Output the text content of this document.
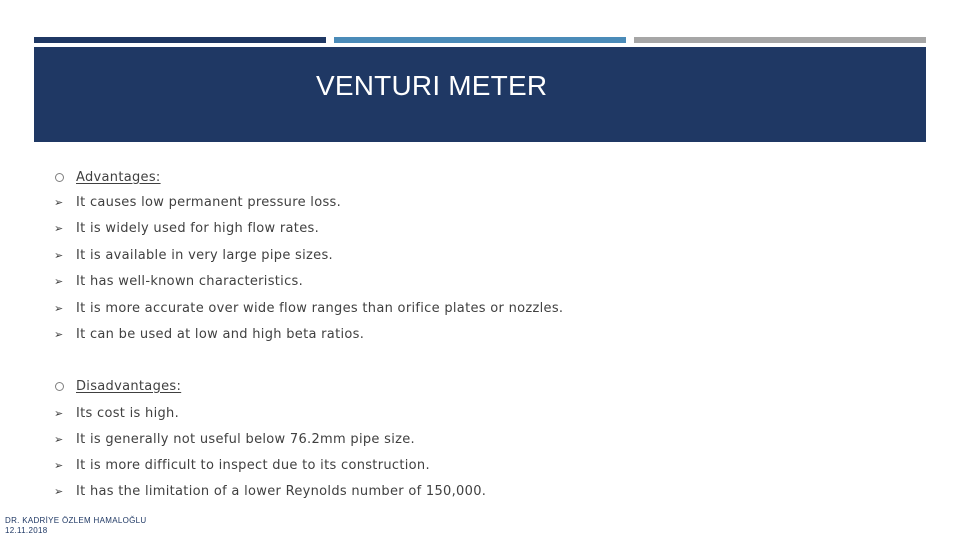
VENTURI METER
Advantages:
➢ It causes low permanent pressure loss.
➢ It is widely used for high flow rates.
➢ It is available in very large pipe sizes.
➢ It has well-known characteristics.
➢ It is more accurate over wide flow ranges than orifice plates or nozzles.
➢ It can be used at low and high beta ratios.
Disadvantages:
➢ Its cost is high.
➢ It is generally not useful below 76.2mm pipe size.
➢ It is more difficult to inspect due to its construction.
➢ It has the limitation of a lower Reynolds number of 150,000.
DR. KADRİYE ÖZLEM HAMALOĞLU
12.11.2018
